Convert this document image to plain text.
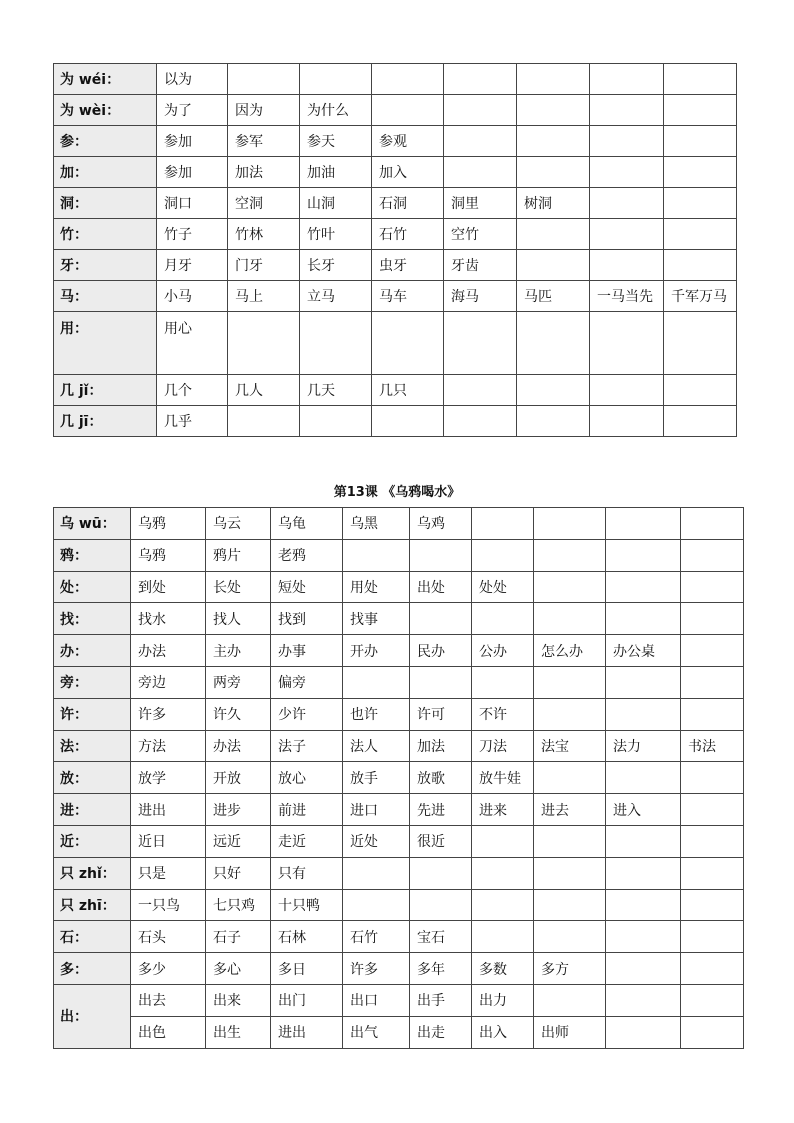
为 wéi：	以为							
为 wèi：	为了	因为	为什么					
参：	参加	参军	参天	参观				
加：	参加	加法	加油	加入				
洞：	洞口	空洞	山洞	石洞	洞里	树洞		
竹：	竹子	竹林	竹叶	石竹	空竹			
牙：	月牙	门牙	长牙	虫牙	牙齿			
马：	小马	马上	立马	马车	海马	马匹	一马当先	千军万马
用：	用心							
几 jǐ：	几个	几人	几天	几只				
几 jī：	几乎							
第13课 《乌鸦喝水》
乌 wū：	乌鸦	乌云	乌龟	乌黑	乌鸡				
鸦：	乌鸦	鸦片	老鸦						
处：	到处	长处	短处	用处	出处	处处			
找：	找水	找人	找到	找事					
办：	办法	主办	办事	开办	民办	公办	怎么办	办公桌	
旁：	旁边	两旁	偏旁						
许：	许多	许久	少许	也许	许可	不许			
法：	方法	办法	法子	法人	加法	刀法	法宝	法力	书法
放：	放学	开放	放心	放手	放歌	放牛娃			
进：	进出	进步	前进	进口	先进	进来	进去	进入	
近：	近日	远近	走近	近处	很近				
只 zhǐ：	只是	只好	只有						
只 zhī：	一只鸟	七只鸡	十只鸭						
石：	石头	石子	石林	石竹	宝石				
多：	多少	多心	多日	许多	多年	多数	多方		
出：	出去	出来	出门	出口	出手	出力			
	出色	出生	进出	出气	出走	出入	出师		
